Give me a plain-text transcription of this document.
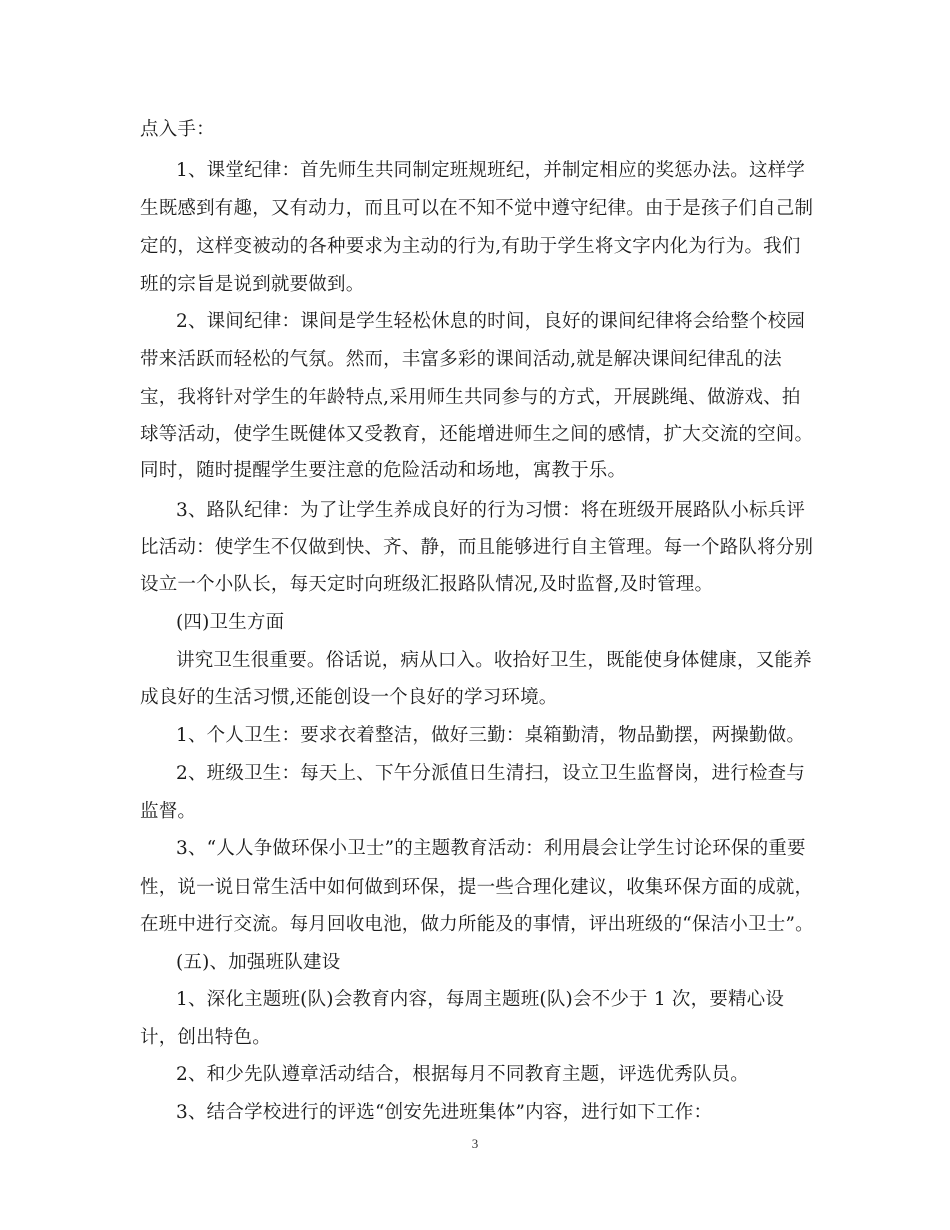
点入手：
1、课堂纪律：首先师生共同制定班规班纪，并制定相应的奖惩办法。这样学
生既感到有趣，又有动力，而且可以在不知不觉中遵守纪律。由于是孩子们自己制
定的，这样变被动的各种要求为主动的行为,有助于学生将文字内化为行为。我们
班的宗旨是说到就要做到。
2、课间纪律：课间是学生轻松休息的时间，良好的课间纪律将会给整个校园
带来活跃而轻松的气氛。然而，丰富多彩的课间活动,就是解决课间纪律乱的法
宝，我将针对学生的年龄特点,采用师生共同参与的方式，开展跳绳、做游戏、拍
球等活动，使学生既健体又受教育，还能增进师生之间的感情，扩大交流的空间。
同时，随时提醒学生要注意的危险活动和场地，寓教于乐。
3、路队纪律：为了让学生养成良好的行为习惯：将在班级开展路队小标兵评
比活动：使学生不仅做到快、齐、静，而且能够进行自主管理。每一个路队将分别
设立一个小队长，每天定时向班级汇报路队情况,及时监督,及时管理。
(四)卫生方面
讲究卫生很重要。俗话说，病从口入。收拾好卫生，既能使身体健康，又能养
成良好的生活习惯,还能创设一个良好的学习环境。
1、个人卫生：要求衣着整洁，做好三勤：桌箱勤清，物品勤摆，两操勤做。
2、班级卫生：每天上、下午分派值日生清扫，设立卫生监督岗，进行检查与
监督。
3、“人人争做环保小卫士”的主题教育活动：利用晨会让学生讨论环保的重要
性，说一说日常生活中如何做到环保，提一些合理化建议，收集环保方面的成就，
在班中进行交流。每月回收电池，做力所能及的事情，评出班级的“保洁小卫士”。
(五)、加强班队建设
1、深化主题班(队)会教育内容，每周主题班(队)会不少于 1 次，要精心设
计，创出特色。
2、和少先队遵章活动结合，根据每月不同教育主题，评选优秀队员。
3、结合学校进行的评选“创安先进班集体”内容，进行如下工作：
3
